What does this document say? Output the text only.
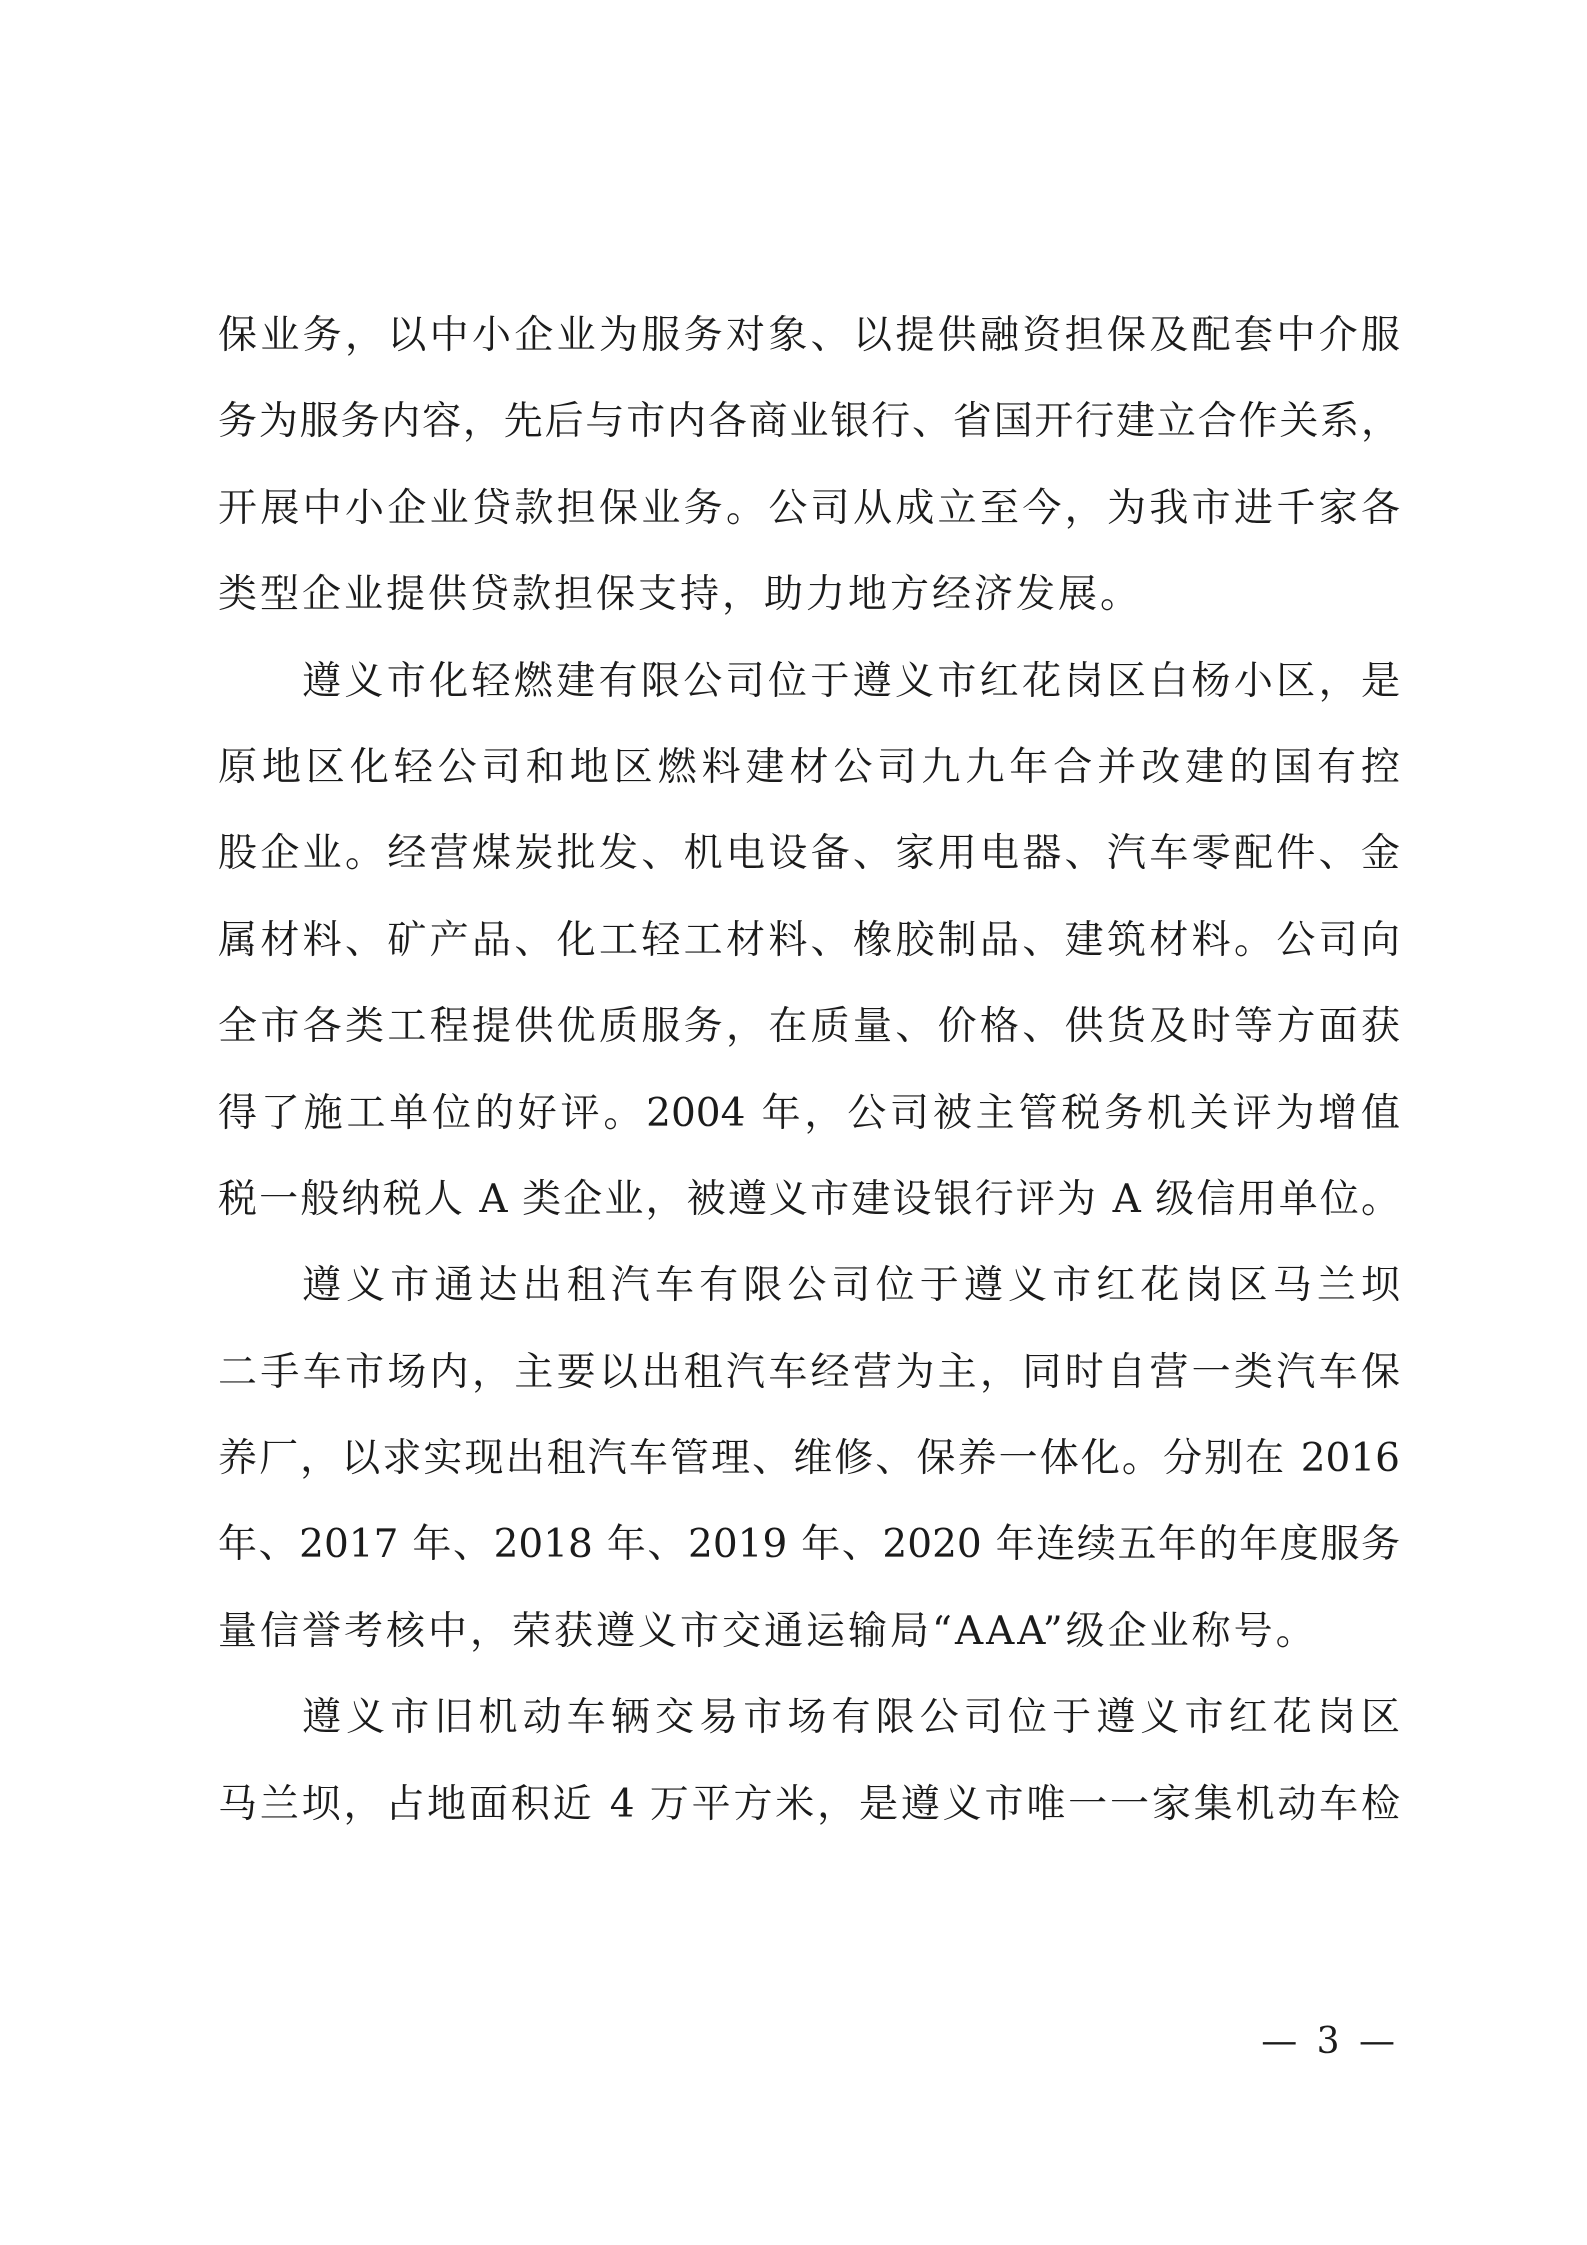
保业务，以中小企业为服务对象、以提供融资担保及配套中介服
务为服务内容，先后与市内各商业银行、省国开行建立合作关系，
开展中小企业贷款担保业务。公司从成立至今，为我市进千家各
类型企业提供贷款担保支持，助力地方经济发展。
遵义市化轻燃建有限公司位于遵义市红花岗区白杨小区，是
原地区化轻公司和地区燃料建材公司九九年合并改建的国有控
股企业。经营煤炭批发、机电设备、家用电器、汽车零配件、金
属材料、矿产品、化工轻工材料、橡胶制品、建筑材料。公司向
全市各类工程提供优质服务，在质量、价格、供货及时等方面获
得了施工单位的好评。2004 年，公司被主管税务机关评为增值
税一般纳税人 A 类企业，被遵义市建设银行评为 A 级信用单位。
遵义市通达出租汽车有限公司位于遵义市红花岗区马兰坝
二手车市场内，主要以出租汽车经营为主，同时自营一类汽车保
养厂，以求实现出租汽车管理、维修、保养一体化。分别在 2016
年、2017 年、2018 年、2019 年、2020 年连续五年的年度服务
量信誉考核中，荣获遵义市交通运输局“AAA”级企业称号。
遵义市旧机动车辆交易市场有限公司位于遵义市红花岗区
马兰坝，占地面积近 4 万平方米，是遵义市唯一一家集机动车检
— 3 —
